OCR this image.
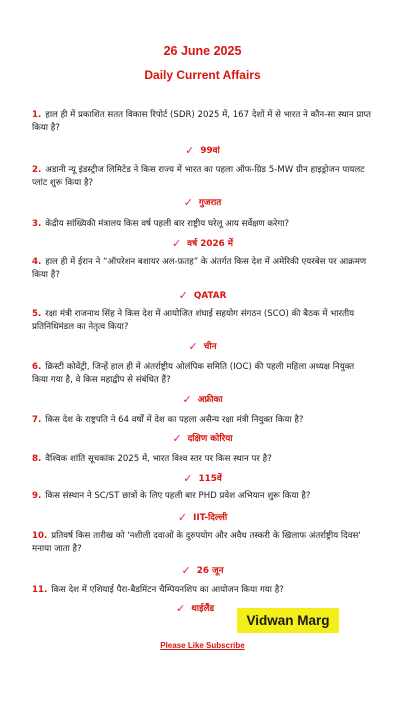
26 June 2025
Daily Current Affairs
1. हाल ही में प्रकाशित सतत विकास रिपोर्ट (SDR) 2025 में, 167 देशों में से भारत ने कौन-सा स्थान प्राप्त किया है?
✓ 99वां
2. अडानी न्यू इंडस्ट्रीज लिमिटेड ने किस राज्य में भारत का पहला ऑफ-ग्रिड 5-MW ग्रीन हाइड्रोजन पायलट प्लांट शुरू किया है?
✓ गुजरात
3. केंद्रीय सांख्यिकी मंत्रालय किस वर्ष पहली बार राष्ट्रीय घरेलू आय सर्वेक्षण करेगा?
✓ वर्ष 2026 में
4. हाल ही में ईरान ने “ऑपरेशन बशायर अल-फ़तह” के अंतर्गत किस देश में अमेरिकी एयरबेस पर आक्रमण किया है?
✓ QATAR
5. रक्षा मंत्री राजनाथ सिंह ने किस देश में आयोजित शंघाई सहयोग संगठन (SCO) की बैठक में भारतीय प्रतिनिधिमंडल का नेतृत्व किया?
✓ चीन
6. क्रिस्टी कोवेंट्री, जिन्हें हाल ही में अंतर्राष्ट्रीय ओलंपिक समिति (IOC) की पहली महिला अध्यक्ष नियुक्त किया गया है, वे किस महाद्वीप से संबंधित हैं?
✓ अफ्रीका
7. किस देश के राष्ट्रपति ने 64 वर्षों में देश का पहला असैन्य रक्षा मंत्री नियुक्त किया है?
✓ दक्षिण कोरिया
8. वैश्विक शांति सूचकांक 2025 में, भारत विश्व स्तर पर किस स्थान पर है?
✓ 115वें
9. किस संस्थान ने SC/ST छात्रों के लिए पहली बार PHD प्रवेश अभियान शुरू किया है?
✓ IIT-दिल्ली
10. प्रतिवर्ष किस तारीख को 'नशीली दवाओं के दुरुपयोग और अवैध तस्करी के खिलाफ अंतर्राष्ट्रीय दिवस' मनाया जाता है?
✓ 26 जून
11. किस देश में एशियाई पैरा-बैडमिंटन चैम्पियनशिप का आयोजन किया गया है?
✓ थाईलैंड
Vidwan Marg
Please Like Subscribe
